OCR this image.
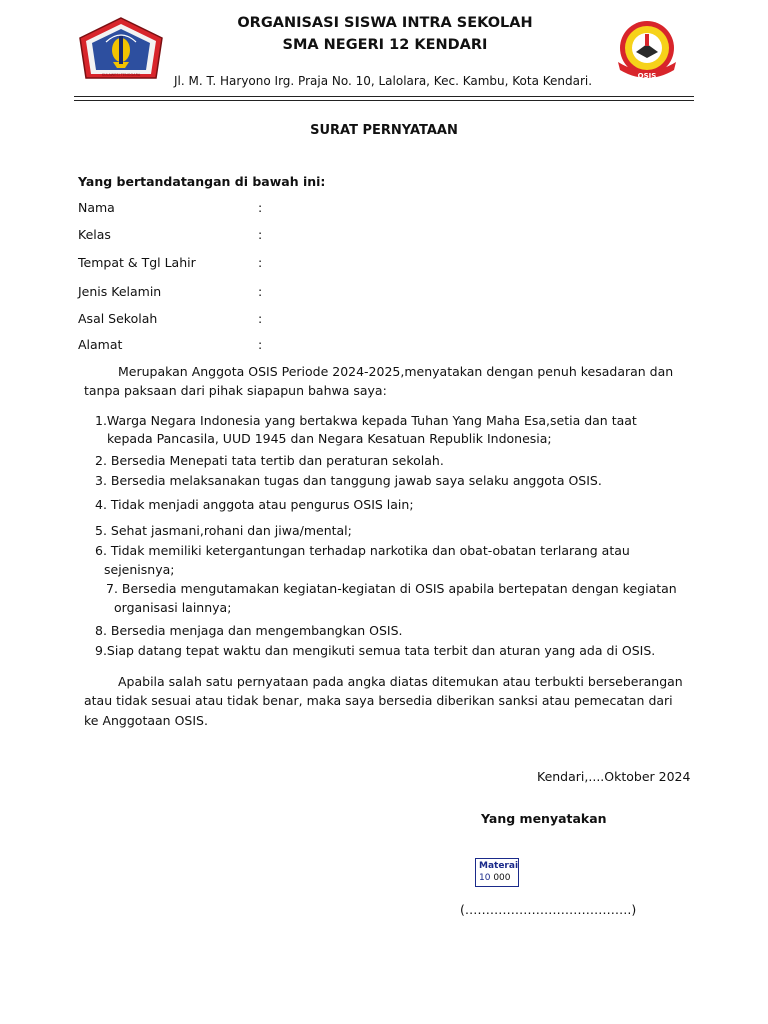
SULAWESI TENGGARA	OSIS
ORGANISASI SISWA INTRA SEKOLAH
SMA NEGERI 12 KENDARI
Jl. M. T. Haryono Irg. Praja No. 10, Lalolara, Kec. Kambu, Kota Kendari.
SURAT PERNYATAAN
Yang bertandatangan di bawah ini:
Nama	:
Kelas	:
Tempat & Tgl Lahir	:
Jenis Kelamin	:
Asal Sekolah	:
Alamat	:
Merupakan Anggota OSIS Periode 2024-2025,menyatakan dengan penuh kesadaran dan
tanpa paksaan dari pihak siapapun bahwa saya:
1.Warga Negara Indonesia yang bertakwa kepada Tuhan Yang Maha Esa,setia dan taat
kepada Pancasila, UUD 1945 dan Negara Kesatuan Republik Indonesia;
2. Bersedia Menepati tata tertib dan peraturan sekolah.
3. Bersedia melaksanakan tugas dan tanggung jawab saya selaku anggota OSIS.
4. Tidak menjadi anggota atau pengurus OSIS lain;
5. Sehat jasmani,rohani dan jiwa/mental;
6. Tidak memiliki ketergantungan terhadap narkotika dan obat-obatan terlarang atau
sejenisnya;
7. Bersedia mengutamakan kegiatan-kegiatan di OSIS apabila bertepatan dengan kegiatan
organisasi lainnya;
8. Bersedia menjaga dan mengembangkan OSIS.
9.Siap datang tepat waktu dan mengikuti semua tata terbit dan aturan yang ada di OSIS.
Apabila salah satu pernyataan pada angka diatas ditemukan atau terbukti berseberangan
atau tidak sesuai atau tidak benar, maka saya bersedia diberikan sanksi atau pemecatan dari
ke Anggotaan OSIS.
Kendari,....Oktober 2024
Yang menyatakan
Materai
10 000
(………………………………….)
